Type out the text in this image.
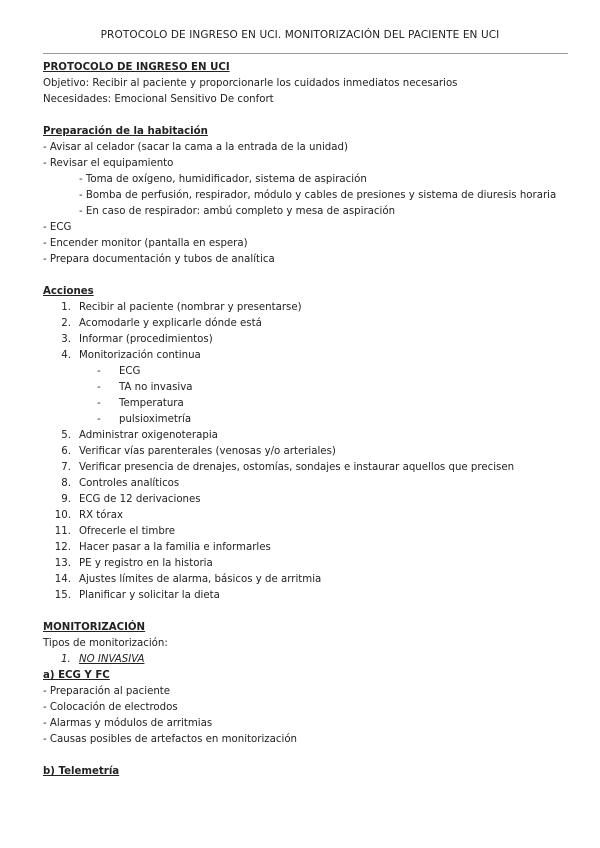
PROTOCOLO DE INGRESO EN UCI. MONITORIZACIÓN DEL PACIENTE EN UCI
PROTOCOLO DE INGRESO EN UCI
Objetivo: Recibir al paciente y proporcionarle los cuidados inmediatos necesarios
Necesidades: Emocional Sensitivo De confort
Preparación de la habitación
- Avisar al celador (sacar la cama a la entrada de la unidad)
- Revisar el equipamiento
- Toma de oxígeno, humidificador, sistema de aspiración
- Bomba de perfusión, respirador, módulo y cables de presiones y sistema de diuresis horaria
- En caso de respirador: ambú completo y mesa de aspiración
- ECG
- Encender monitor (pantalla en espera)
- Prepara documentación y tubos de analítica
Acciones
1. Recibir al paciente (nombrar y presentarse)
2. Acomodarle y explicarle dónde está
3. Informar (procedimientos)
4. Monitorización continua
-	ECG
-	TA no invasiva
-	Temperatura
-	pulsioximetría
5. Administrar oxigenoterapia
6. Verificar vías parenterales (venosas y/o arteriales)
7. Verificar presencia de drenajes, ostomías, sondajes e instaurar aquellos que precisen
8. Controles analíticos
9. ECG de 12 derivaciones
10. RX tórax
11. Ofrecerle el timbre
12. Hacer pasar a la familia e informarles
13. PE y registro en la historia
14. Ajustes límites de alarma, básicos y de arritmia
15. Planificar y solicitar la dieta
MONITORIZACIÓN
Tipos de monitorización:
1. NO INVASIVA
a) ECG Y FC
- Preparación al paciente
- Colocación de electrodos
- Alarmas y módulos de arritmias
- Causas posibles de artefactos en monitorización
b) Telemetría
